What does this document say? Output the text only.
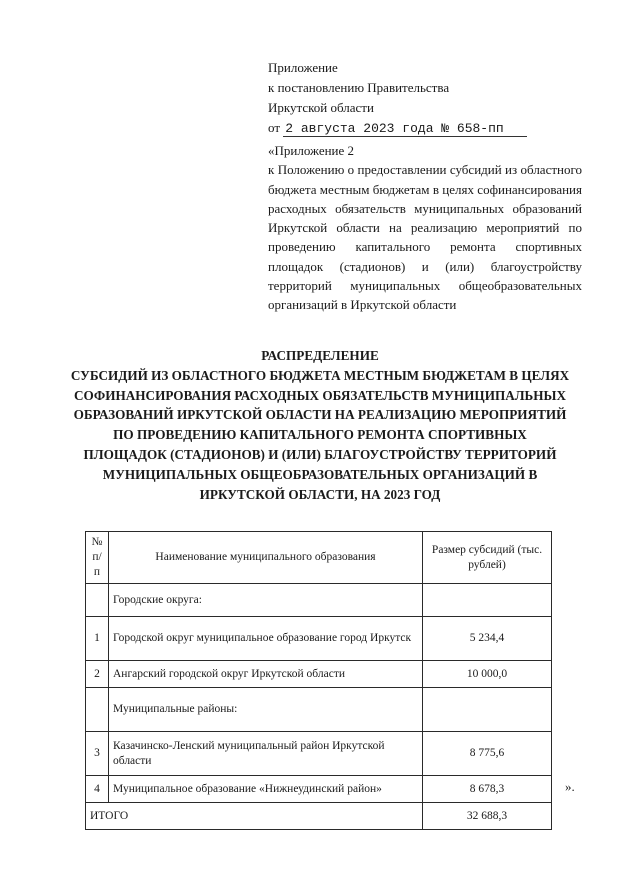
Приложение
к постановлению Правительства
Иркутской области
от 2 августа 2023 года № 658-пп
«Приложение 2
к Положению о предоставлении субсидий из областного бюджета местным бюджетам в целях софинансирования расходных обязательств муниципальных образований Иркутской области на реализацию мероприятий по проведению капитального ремонта спортивных площадок (стадионов) и (или) благоустройству территорий муниципальных общеобразовательных организаций в Иркутской области
РАСПРЕДЕЛЕНИЕ
СУБСИДИЙ ИЗ ОБЛАСТНОГО БЮДЖЕТА МЕСТНЫМ БЮДЖЕТАМ В ЦЕЛЯХ СОФИНАНСИРОВАНИЯ РАСХОДНЫХ ОБЯЗАТЕЛЬСТВ МУНИЦИПАЛЬНЫХ ОБРАЗОВАНИЙ ИРКУТСКОЙ ОБЛАСТИ НА РЕАЛИЗАЦИЮ МЕРОПРИЯТИЙ ПО ПРОВЕДЕНИЮ КАПИТАЛЬНОГО РЕМОНТА СПОРТИВНЫХ ПЛОЩАДОК (СТАДИОНОВ) И (ИЛИ) БЛАГОУСТРОЙСТВУ ТЕРРИТОРИЙ МУНИЦИПАЛЬНЫХ ОБЩЕОБРАЗОВАТЕЛЬНЫХ ОРГАНИЗАЦИЙ В ИРКУТСКОЙ ОБЛАСТИ, НА 2023 ГОД
№ п/п	Наименование муниципального образования	Размер субсидий (тыс. рублей)
	Городские округа:	
1	Городской округ муниципальное образование город Иркутск	5 234,4
2	Ангарский городской округ Иркутской области	10 000,0
	Муниципальные районы:	
3	Казачинско-Ленский муниципальный район Иркутской области	8 775,6
4	Муниципальное образование «Нижнеудинский район»	8 678,3
ИТОГО		32 688,3
».
